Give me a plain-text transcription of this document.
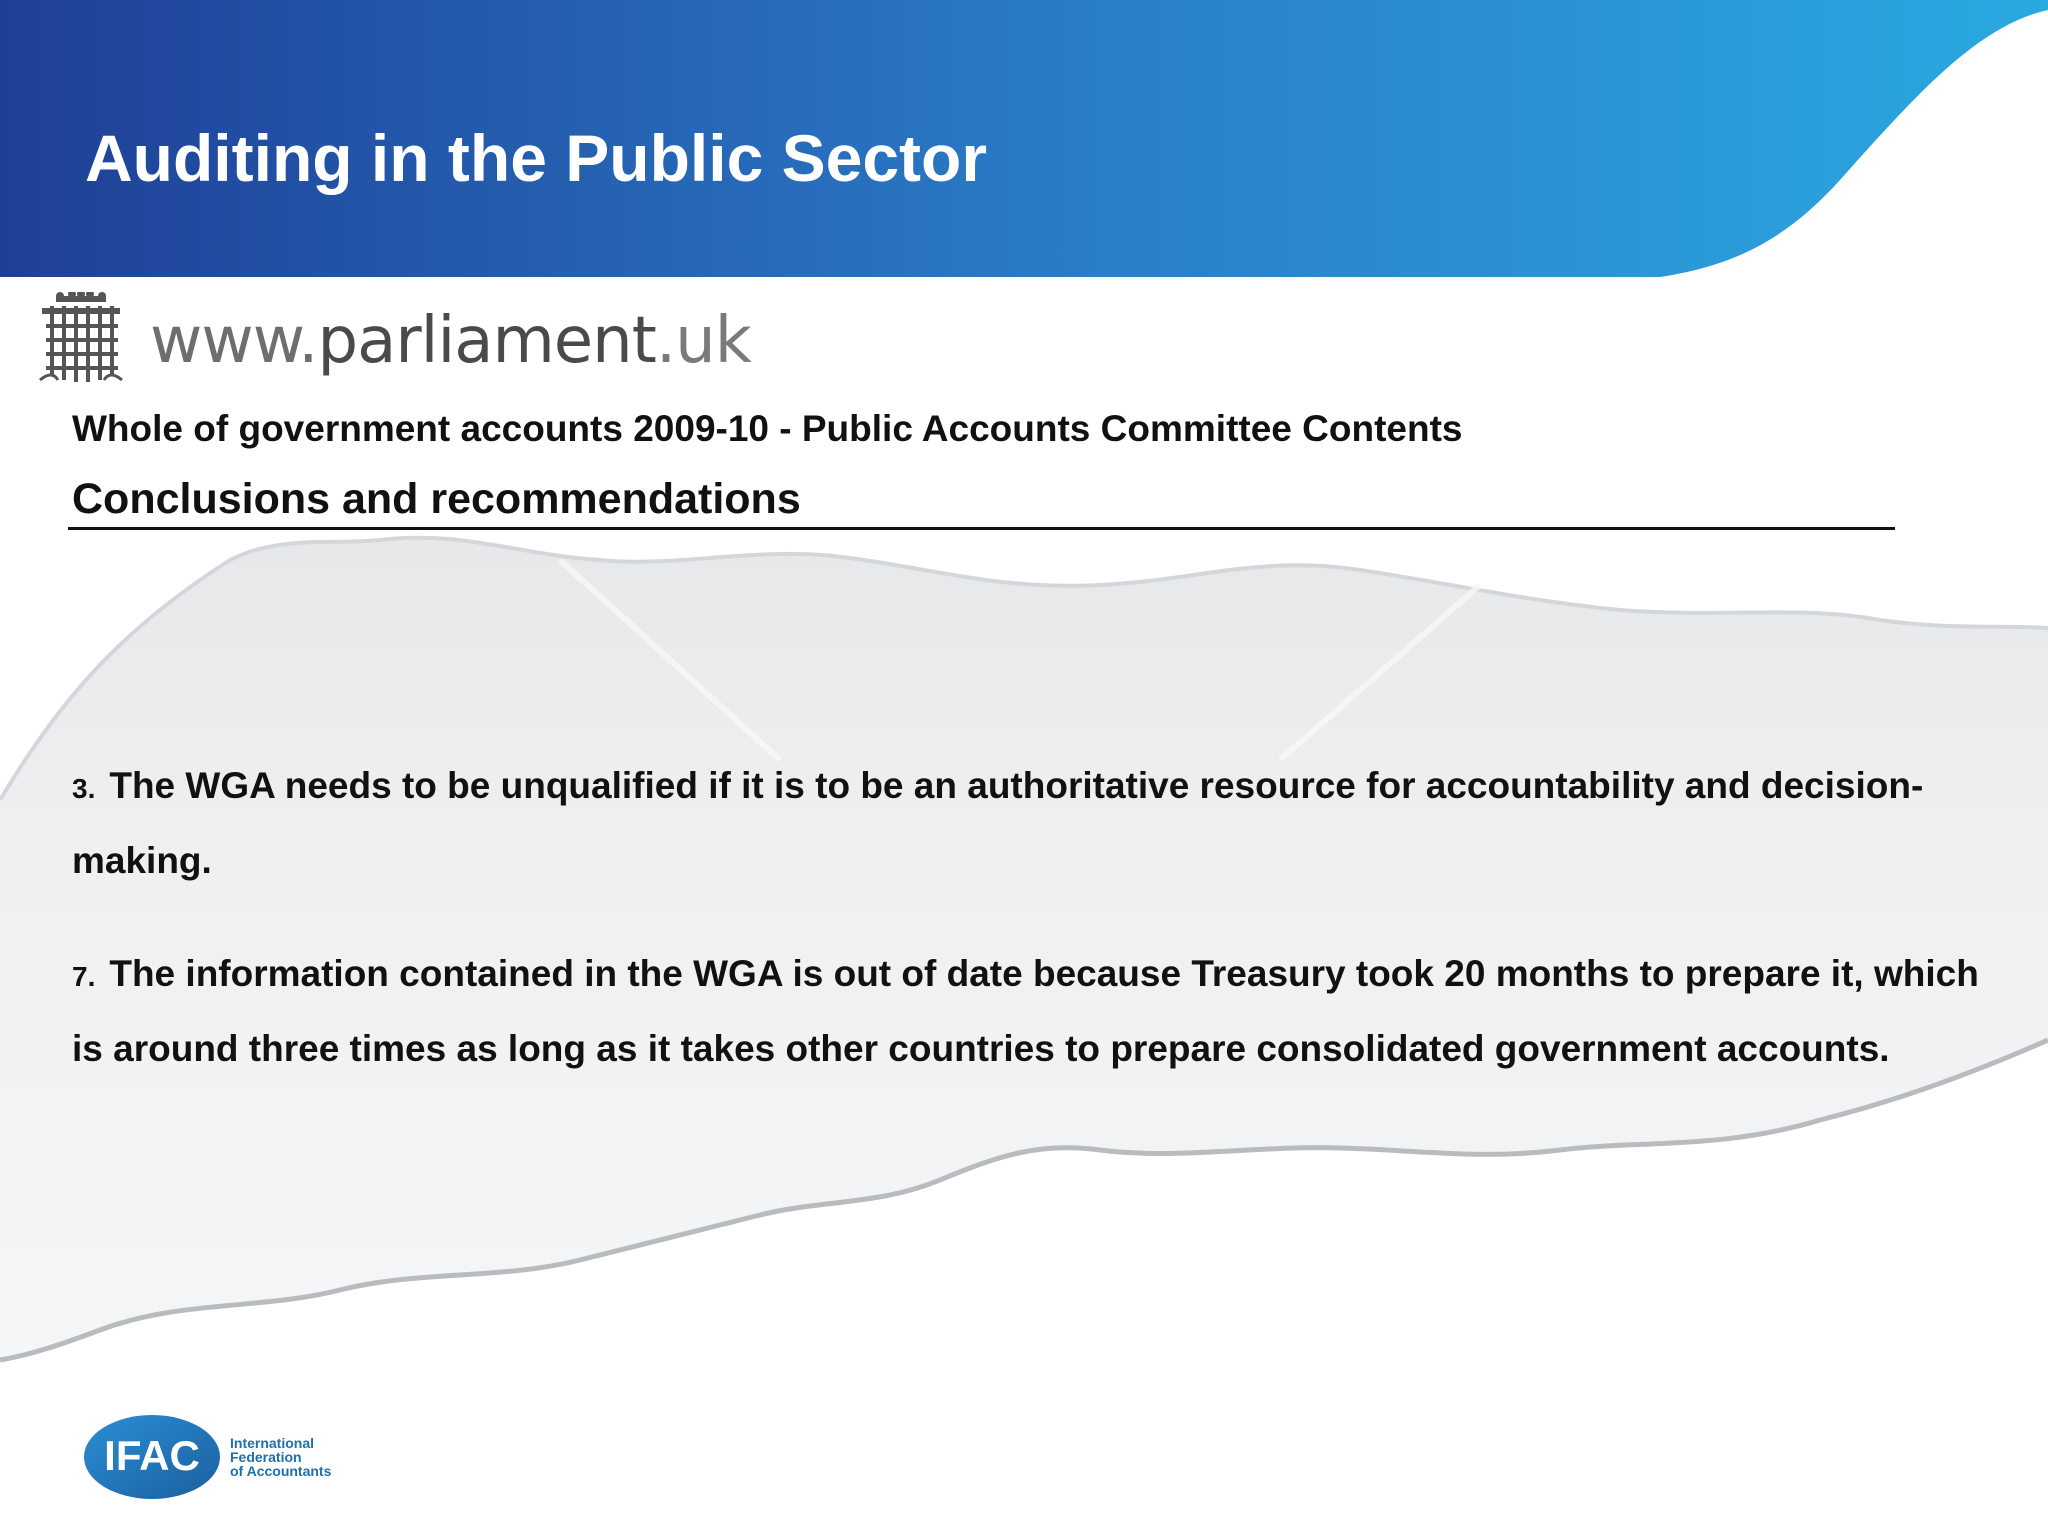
Auditing in the Public Sector
www.parliament.uk
Whole of government accounts 2009-10 - Public Accounts Committee Contents
Conclusions and recommendations
3. The WGA needs to be unqualified if it is to be an authoritative resource for accountability and decision-making.
7. The information contained in the WGA is out of date because Treasury took 20 months to prepare it, which is around three times as long as it takes other countries to prepare consolidated government accounts.
IFAC International
Federation
of Accountants
